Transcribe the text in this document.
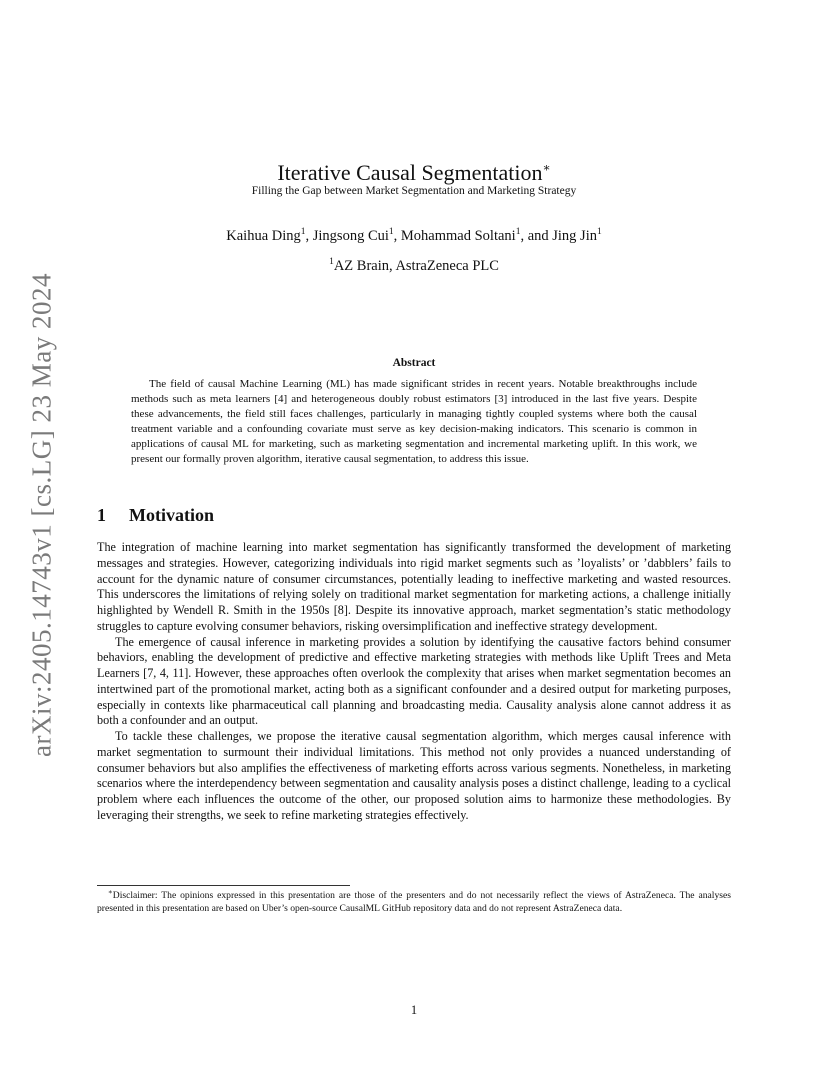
arXiv:2405.14743v1 [cs.LG] 23 May 2024
Iterative Causal Segmentation∗
Filling the Gap between Market Segmentation and Marketing Strategy
Kaihua Ding$^1$, Jingsong Cui$^1$, Mohammad Soltani$^1$, and Jing Jin$^1$
$^1$AZ Brain, AstraZeneca PLC
Abstract

The field of causal Machine Learning (ML) has made significant strides in recent years. Notable breakthroughs include methods such as meta learners [4] and heterogeneous doubly robust estimators [3] introduced in the last five years. Despite these advancements, the field still faces challenges, particularly in managing tightly coupled systems where both the causal treatment variable and a confounding covariate must serve as key decision-making indicators. This scenario is common in applications of causal ML for marketing, such as marketing segmentation and incremental marketing uplift. In this work, we present our formally proven algorithm, iterative causal segmentation, to address this issue.

1 Motivation

The integration of machine learning into market segmentation has significantly transformed the development of marketing messages and strategies. However, categorizing individuals into rigid market segments such as ’loyalists’ or ’dabblers’ fails to account for the dynamic nature of consumer circumstances, potentially leading to ineffective marketing and wasted resources. This underscores the limitations of relying solely on traditional market segmentation for marketing actions, a challenge initially highlighted by Wendell R. Smith in the 1950s [8]. Despite its innovative approach, market segmentation’s static methodology struggles to capture evolving consumer behaviors, risking oversimplification and ineffective strategy development.

The emergence of causal inference in marketing provides a solution by identifying the causative factors behind consumer behaviors, enabling the development of predictive and effective marketing strategies with methods like Uplift Trees and Meta Learners [7, 4, 11]. However, these approaches often overlook the complexity that arises when market segmentation becomes an intertwined part of the promotional market, acting both as a significant confounder and a desired output for marketing purposes, especially in contexts like pharmaceutical call planning and broadcasting media. Causality analysis alone cannot address it as both a confounder and an output.

To tackle these challenges, we propose the iterative causal segmentation algorithm, which merges causal inference with market segmentation to surmount their individual limitations. This method not only provides a nuanced understanding of consumer behaviors but also amplifies the effectiveness of marketing efforts across various segments. Nonetheless, in marketing scenarios where the interdependency between segmentation and causality analysis poses a distinct challenge, leading to a cyclical problem where each influences the outcome of the other, our proposed solution aims to harmonize these methodologies. By leveraging their strengths, we seek to refine marketing strategies effectively.

∗Disclaimer: The opinions expressed in this presentation are those of the presenters and do not necessarily reflect the views of AstraZeneca. The analyses presented in this presentation are based on Uber’s open-source CausalML GitHub repository data and do not represent AstraZeneca data.

1
